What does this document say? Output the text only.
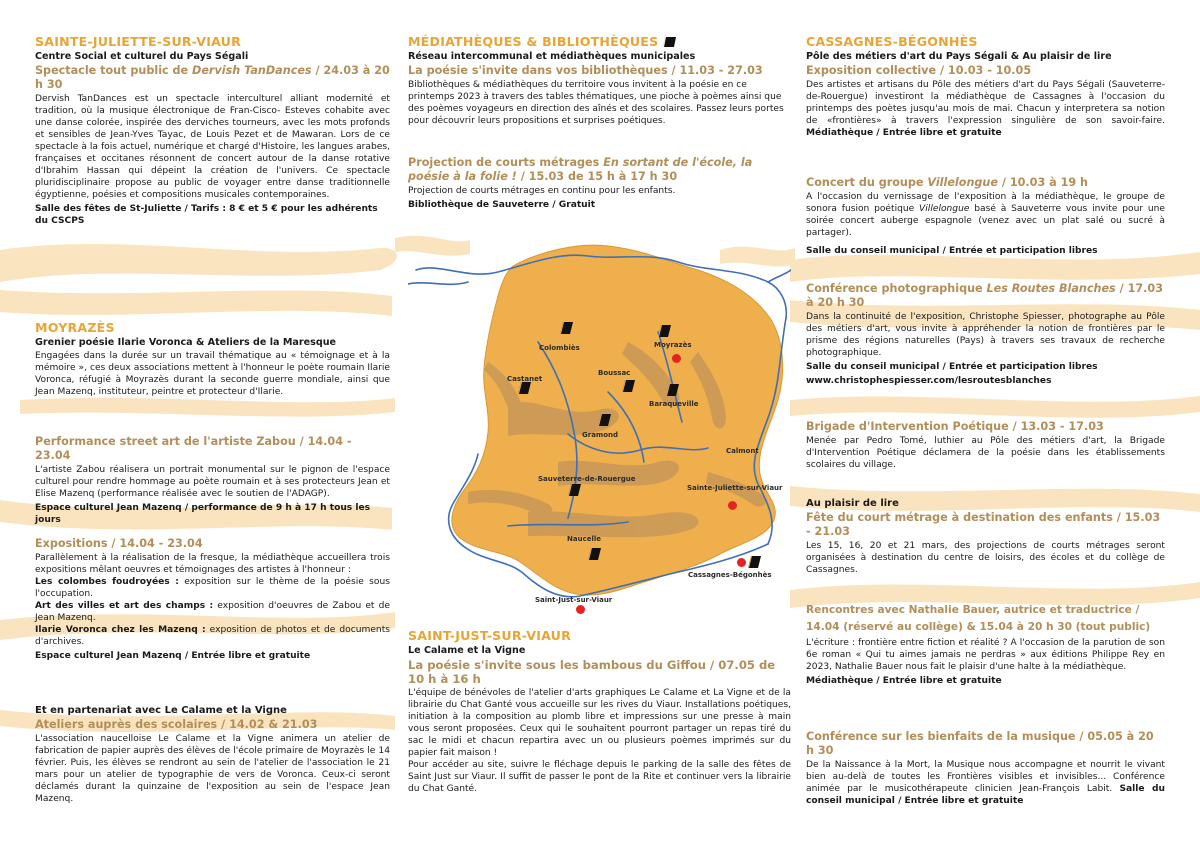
SAINTE-JULIETTE-SUR-VIAUR
Centre Social et culturel du Pays Ségali
Spectacle tout public de Dervish TanDances / 24.03 à 20 h 30

Dervish TanDances est un spectacle interculturel alliant modernité et tradition, où la musique électronique de Fran-Cisco- Esteves cohabite avec une danse colorée, inspirée des derviches tourneurs, avec les mots profonds et sensibles de Jean-Yves Tayac, de Louis Pezet et de Mawaran. Lors de ce spectacle à la fois actuel, numérique et chargé d'Histoire, les langues arabes, françaises et occitanes résonnent de concert autour de la danse rotative d'Ibrahim Hassan qui dépeint la création de l'univers. Ce spectacle pluridisciplinaire propose au public de voyager entre danse traditionnelle égyptienne, poésies et compositions musicales contemporaines.

Salle des fêtes de St-Juliette / Tarifs : 8 € et 5 € pour les adhérents du CSCPS

MOYRAZÈS
Grenier poésie Ilarie Voronca & Ateliers de la Maresque

Engagées dans la durée sur un travail thématique au « témoignage et à la mémoire », ces deux associations mettent à l'honneur le poète roumain Ilarie Voronca, réfugié à Moyrazès durant la seconde guerre mondiale, ainsi que Jean Mazenq, instituteur, peintre et protecteur d'Ilarie.

Performance street art de l'artiste Zabou / 14.04 - 23.04

L'artiste Zabou réalisera un portrait monumental sur le pignon de l'espace culturel pour rendre hommage au poète roumain et à ses protecteurs Jean et Elise Mazenq (performance réalisée avec le soutien de l'ADAGP).

Espace culturel Jean Mazenq / performance de 9 h à 17 h tous les jours

Expositions / 14.04 - 23.04

Parallèlement à la réalisation de la fresque, la médiathèque accueillera trois expositions mêlant oeuvres et témoignages des artistes à l'honneur :

Les colombes foudroyées : exposition sur le thème de la poésie sous l'occupation.

Art des villes et art des champs : exposition d'oeuvres de Zabou et de Jean Mazenq.

Ilarie Voronca chez les Mazenq : exposition de photos et de documents d'archives.

Espace culturel Jean Mazenq / Entrée libre et gratuite

Et en partenariat avec Le Calame et la Vigne
Ateliers auprès des scolaires / 14.02 & 21.03

L'association naucelloise Le Calame et la Vigne animera un atelier de fabrication de papier auprès des élèves de l'école primaire de Moyrazès le 14 février. Puis, les élèves se rendront au sein de l'atelier de l'association le 21 mars pour un atelier de typographie de vers de Voronca. Ceux-ci seront déclamés durant la quinzaine de l'exposition au sein de l'espace Jean Mazenq.

MÉDIATHÈQUES & BIBLIOTHÈQUES
Réseau intercommunal et médiathèques municipales
La poésie s'invite dans vos bibliothèques / 11.03 - 27.03

Bibliothèques & médiathèques du territoire vous invitent à la poésie en ce printemps 2023 à travers des tables thématiques, une pioche à poèmes ainsi que des poèmes voyageurs en direction des aînés et des scolaires. Passez leurs portes pour découvrir leurs propositions et surprises poétiques.

Projection de courts métrages En sortant de l'école, la poésie à la folie ! / 15.03 de 15 h à 17 h 30

Projection de courts métrages en continu pour les enfants.

Bibliothèque de Sauveterre / Gratuit

Colombiès	Moyrazès
Castanet
Boussac
Baraqueville
Gramond
Calmont
Sauveterre-de-Rouergue
Sainte-Juliette-sur-Viaur
Naucelle
Cassagnes-Bégonhès
Saint-Just-sur-Viaur
SAINT-JUST-SUR-VIAUR
Le Calame et la Vigne
La poésie s'invite sous les bambous du Giffou / 07.05 de 10 h à 16 h

L'équipe de bénévoles de l'atelier d'arts graphiques Le Calame et La Vigne et de la librairie du Chat Ganté vous accueille sur les rives du Viaur. Installations poétiques, initiation à la composition au plomb libre et impressions sur une presse à main vous seront proposées. Ceux qui le souhaitent pourront partager un repas tiré du sac le midi et chacun repartira avec un ou plusieurs poèmes imprimés sur du papier fait maison !

Pour accéder au site, suivre le fléchage depuis le parking de la salle des fêtes de Saint Just sur Viaur. Il suffit de passer le pont de la Rite et continuer vers la librairie du Chat Ganté.

CASSAGNES-BÉGONHÈS
Pôle des métiers d'art du Pays Ségali & Au plaisir de lire
Exposition collective / 10.03 - 10.05

Des artistes et artisans du Pôle des métiers d'art du Pays Ségali (Sauveterre-de-Rouergue) investiront la médiathèque de Cassagnes à l'occasion du printemps des poètes jusqu'au mois de mai. Chacun y interpretera sa notion de «frontières» à travers l'expression singulière de son savoir-faire. Médiathèque / Entrée libre et gratuite

Concert du groupe Villelongue / 10.03 à 19 h

A l'occasion du vernissage de l'exposition à la médiathèque, le groupe de sonora fusion poétique Villelongue basé à Sauveterre vous invite pour une soirée concert auberge espagnole (venez avec un plat salé ou sucré à partager).

Salle du conseil municipal / Entrée et participation libres

Conférence photographique Les Routes Blanches / 17.03 à 20 h 30

Dans la continuité de l'exposition, Christophe Spiesser, photographe au Pôle des métiers d'art, vous invite à appréhender la notion de frontières par le prisme des régions naturelles (Pays) à travers ses travaux de recherche photographique.

Salle du conseil municipal / Entrée et participation libres

www.christophespiesser.com/lesroutesblanches

Brigade d'Intervention Poétique / 13.03 - 17.03

Menée par Pedro Tomé, luthier au Pôle des métiers d'art, la Brigade d'Intervention Poétique déclamera de la poésie dans les établissements scolaires du village.

Au plaisir de lire
Fête du court métrage à destination des enfants / 15.03 - 21.03

Les 15, 16, 20 et 21 mars, des projections de courts métrages seront organisées à destination du centre de loisirs, des écoles et du collège de Cassagnes.

Rencontres avec Nathalie Bauer, autrice et traductrice / 14.04 (réservé au collège) & 15.04 à 20 h 30 (tout public)

L'écriture : frontière entre fiction et réalité ? A l'occasion de la parution de son 6e roman « Qui tu aimes jamais ne perdras » aux éditions Philippe Rey en 2023, Nathalie Bauer nous fait le plaisir d'une halte à la médiathèque.

Médiathèque / Entrée libre et gratuite

Conférence sur les bienfaits de la musique / 05.05 à 20 h 30

De la Naissance à la Mort, la Musique nous accompagne et nourrit le vivant bien au-delà de toutes les Frontières visibles et invisibles... Conférence animée par le musicothérapeute clinicien Jean-François Labit. Salle du conseil municipal / Entrée libre et gratuite
